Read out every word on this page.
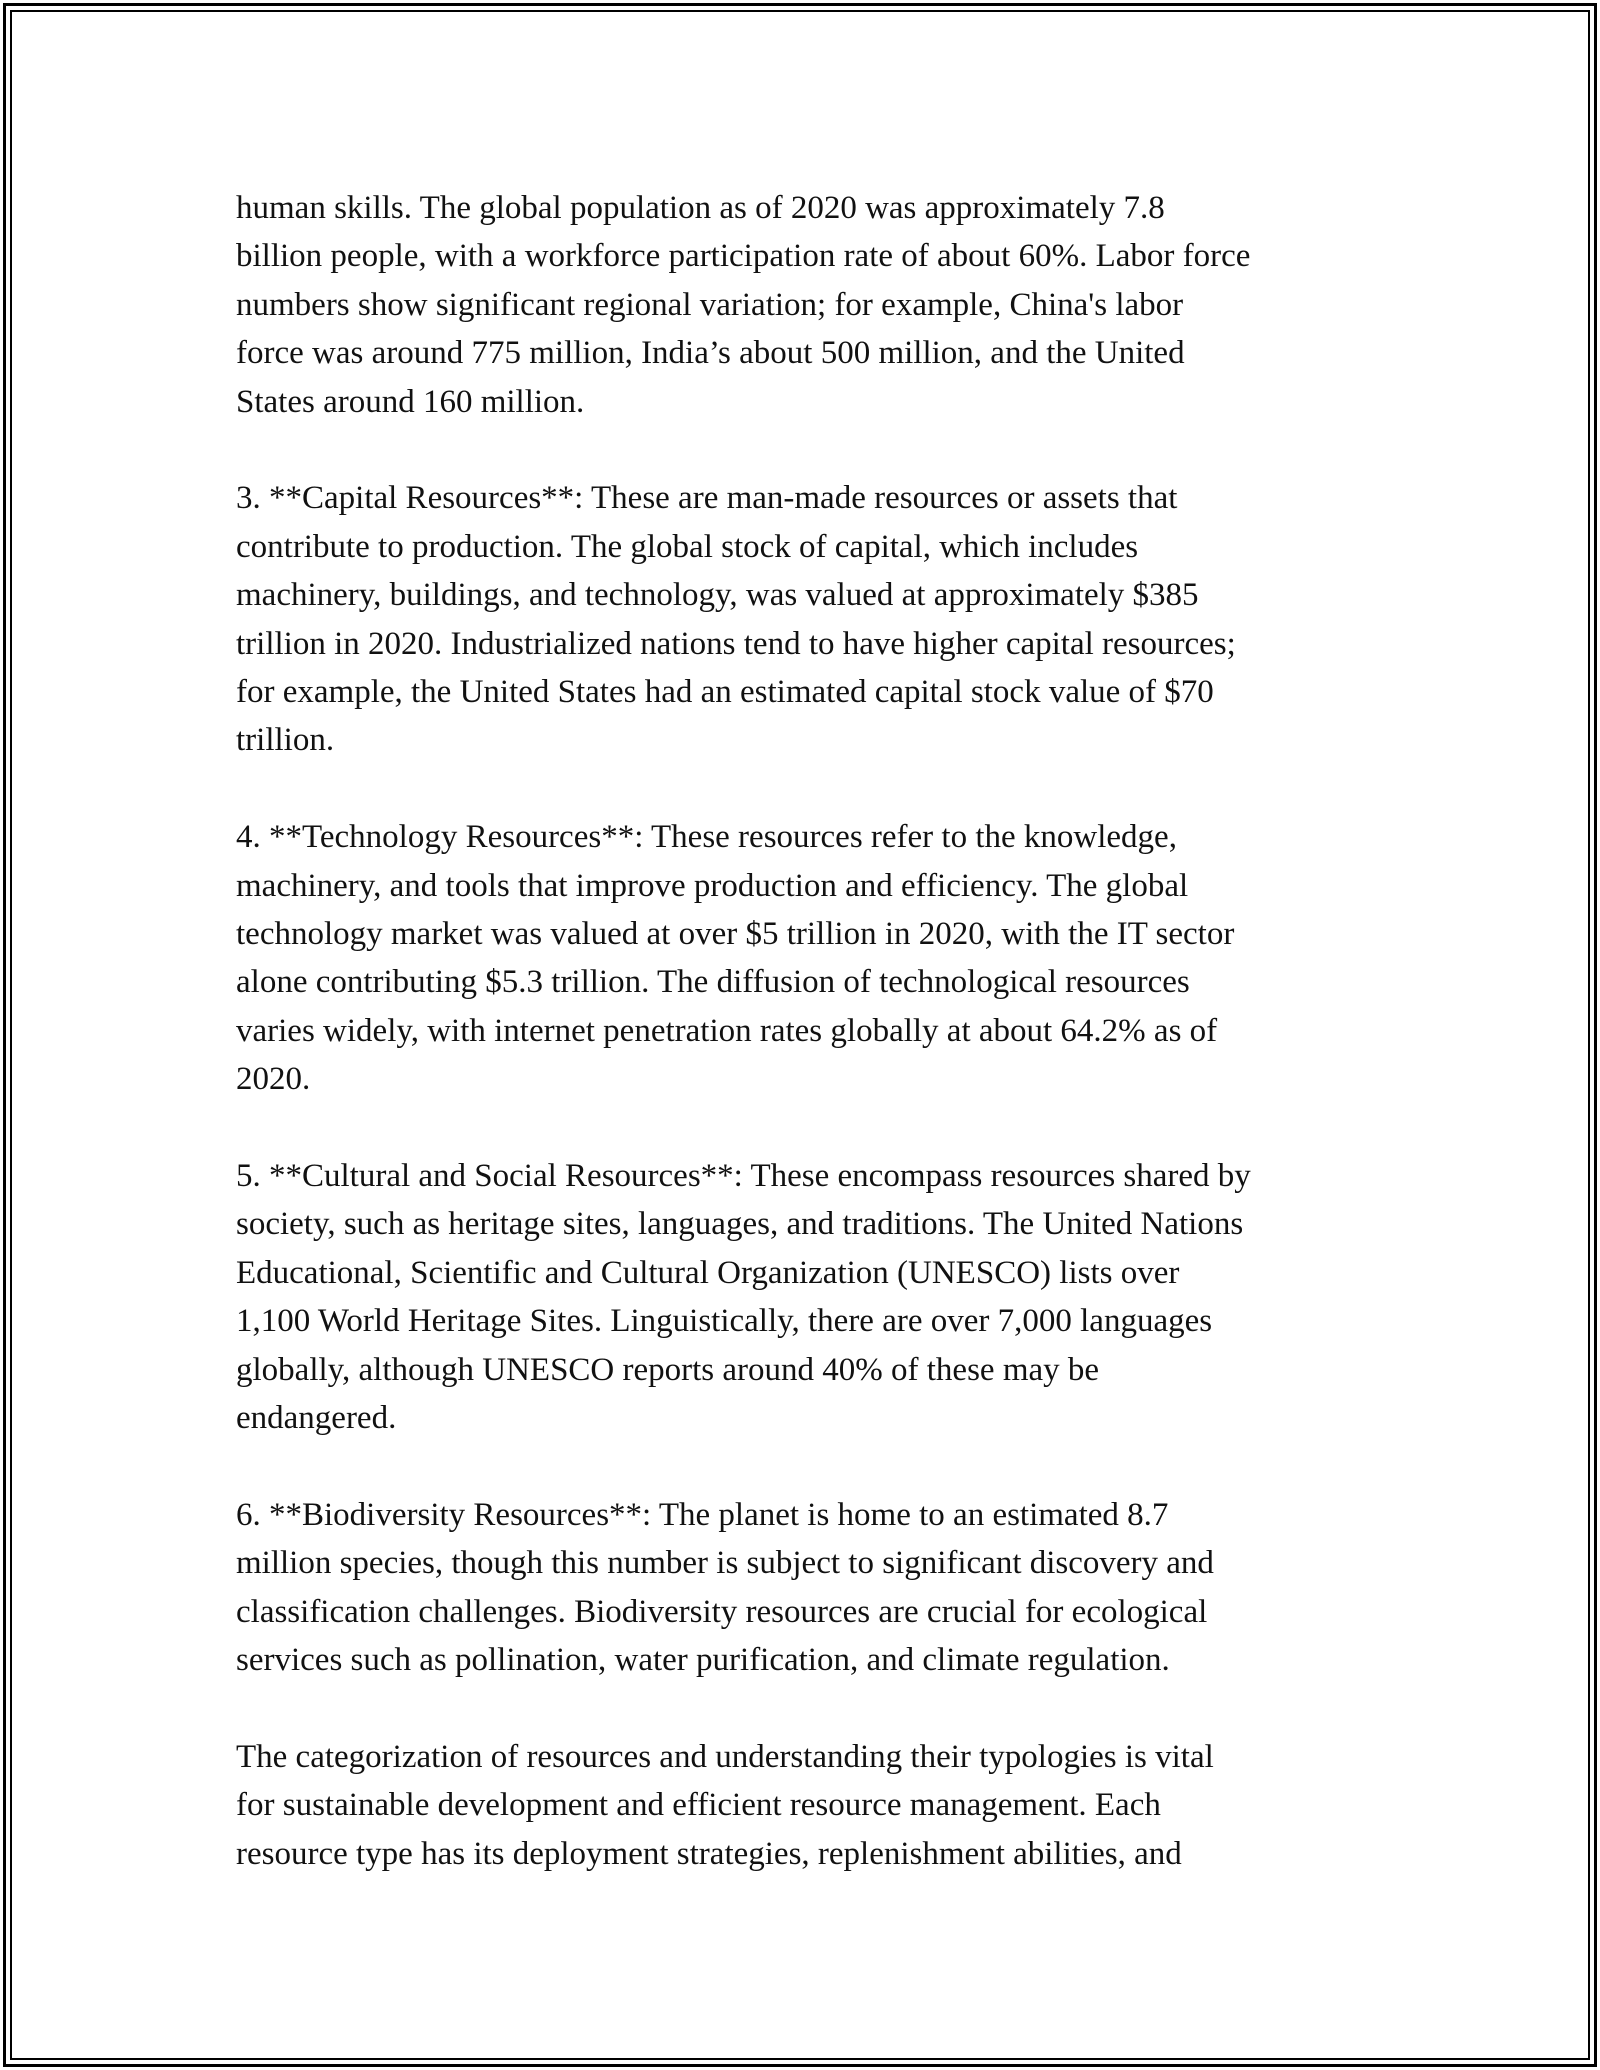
human skills. The global population as of 2020 was approximately 7.8
billion people, with a workforce participation rate of about 60%. Labor force
numbers show significant regional variation; for example, China's labor
force was around 775 million, India’s about 500 million, and the United
States around 160 million.

3. **Capital Resources**: These are man-made resources or assets that
contribute to production. The global stock of capital, which includes
machinery, buildings, and technology, was valued at approximately $385
trillion in 2020. Industrialized nations tend to have higher capital resources;
for example, the United States had an estimated capital stock value of $70
trillion.

4. **Technology Resources**: These resources refer to the knowledge,
machinery, and tools that improve production and efficiency. The global
technology market was valued at over $5 trillion in 2020, with the IT sector
alone contributing $5.3 trillion. The diffusion of technological resources
varies widely, with internet penetration rates globally at about 64.2% as of
2020.

5. **Cultural and Social Resources**: These encompass resources shared by
society, such as heritage sites, languages, and traditions. The United Nations
Educational, Scientific and Cultural Organization (UNESCO) lists over
1,100 World Heritage Sites. Linguistically, there are over 7,000 languages
globally, although UNESCO reports around 40% of these may be
endangered.

6. **Biodiversity Resources**: The planet is home to an estimated 8.7
million species, though this number is subject to significant discovery and
classification challenges. Biodiversity resources are crucial for ecological
services such as pollination, water purification, and climate regulation.

The categorization of resources and understanding their typologies is vital
for sustainable development and efficient resource management. Each
resource type has its deployment strategies, replenishment abilities, and
